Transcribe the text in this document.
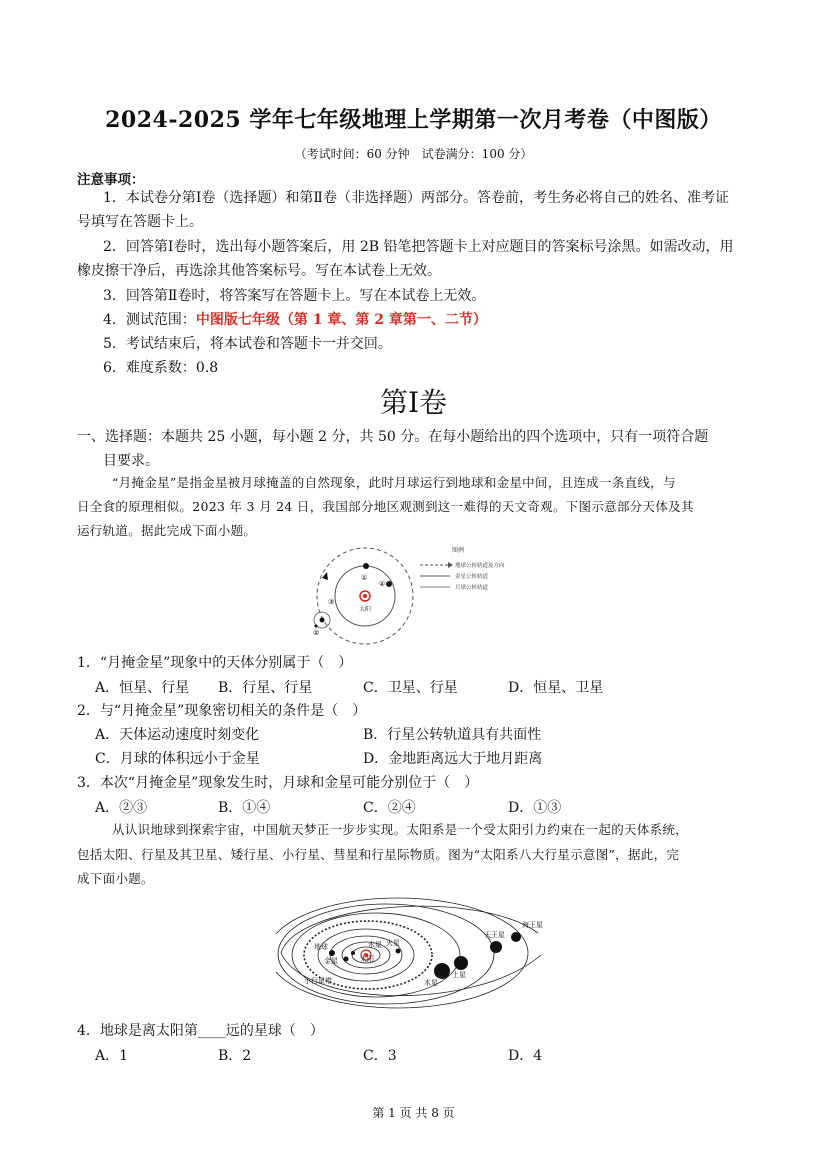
2024-2025 学年七年级地理上学期第一次月考卷（中图版）
（考试时间：60 分钟　试卷满分：100 分）
注意事项：
1．本试卷分第Ⅰ卷（选择题）和第Ⅱ卷（非选择题）两部分。答卷前，考生务必将自己的姓名、准考证
号填写在答题卡上。
2．回答第Ⅰ卷时，选出每小题答案后，用 2B 铅笔把答题卡上对应题目的答案标号涂黑。如需改动，用
橡皮擦干净后，再选涂其他答案标号。写在本试卷上无效。
3．回答第Ⅱ卷时，将答案写在答题卡上。写在本试卷上无效。
4．测试范围：中图版七年级（第 1 章、第 2 章第一、二节）
5．考试结束后，将本试卷和答题卡一并交回。
6．难度系数：0.8
第Ⅰ卷
一、选择题：本题共 25 小题，每小题 2 分，共 50 分。在每小题给出的四个选项中，只有一项符合题
目要求。
“月掩金星”是指金星被月球掩盖的自然现象，此时月球运行到地球和金星中间，且连成一条直线，与
日全食的原理相似。2023 年 3 月 24 日，我国部分地区观测到这一难得的天文奇观。下图示意部分天体及其
运行轨道。据此完成下面小题。
太阳
①
②
③
④
图例
地球公转轨道及方向
金星公转轨道
月球公转轨道
1．“月掩金星”现象中的天体分别属于（　）
A．恒星、行星 B．行星、行星	C．卫星、行星	D．恒星、卫星
2．与“月掩金星”现象密切相关的条件是（　）
A．天体运动速度时刻变化	B．行星公转轨道具有共面性
C．月球的体积远小于金星	D．金地距离远大于地月距离
3．本次“月掩金星”现象发生时，月球和金星可能分别位于（　）
A．②③	B．①④	C．②④	D．①③
从认识地球到探索宇宙，中国航天梦正一步步实现。太阳系是一个受太阳引力约束在一起的天体系统，
包括太阳、行星及其卫星、矮行星、小行星、彗星和行星际物质。图为“太阳系八大行星示意图”，据此，完
成下面小题。
太阳
水星
金星
地球	火星
木星
土星
天王星
海王星
小行星带
4．地球是离太阳第____远的星球（　）
A．1	B．2	C．3	D．4
第 1 页 共 8 页
